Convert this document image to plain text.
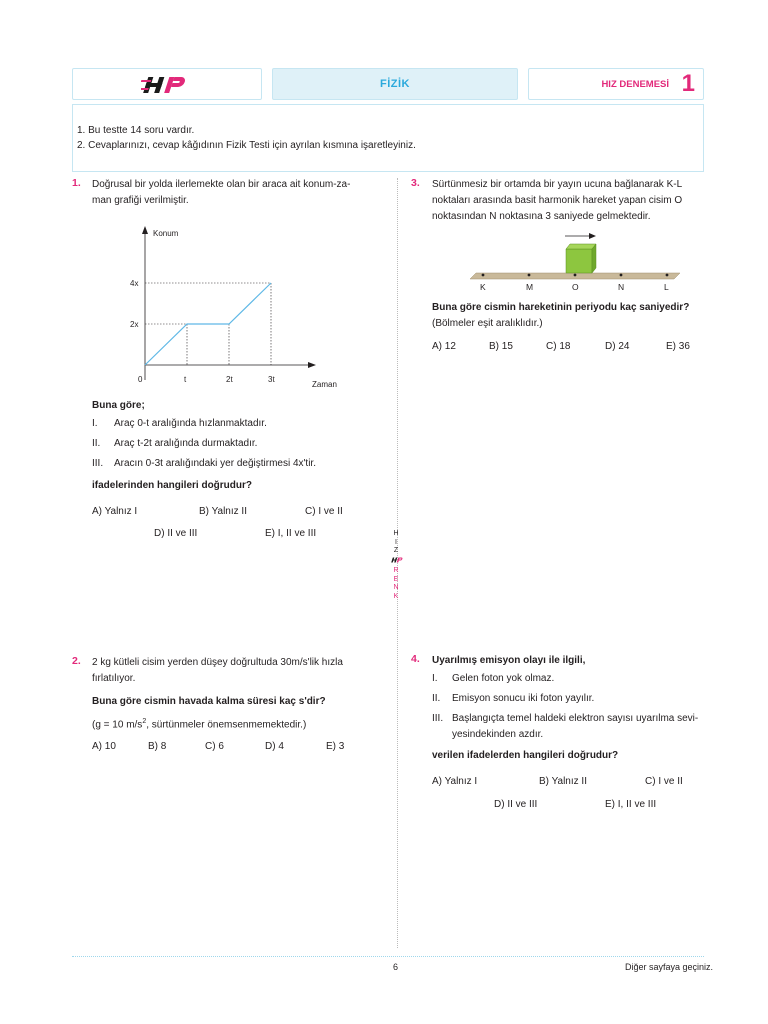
FİZİK	HIZ DENEMESİ 1
1. Bu testte 14 soru vardır.
2. Cevaplarınızı, cevap kâğıdının Fizik Testi için ayrılan kısmına işaretleyiniz.
1. Doğrusal bir yolda ilerlemekte olan bir araca ait konum-za-
man grafiği verilmiştir.
Konum
Zaman
0	t	2t	3t
2x
4x
Buna göre;
I. Araç 0-t aralığında hızlanmaktadır.
II. Araç t-2t aralığında durmaktadır.
III. Aracın 0-3t aralığındaki yer değiştirmesi 4x'tir.
ifadelerinden hangileri doğrudur?
A) Yalnız I	B) Yalnız II	C) I ve II
D) II ve III	E) I, II ve III	H
I
Z
R
E
N
K
2. 2 kg kütleli cisim yerden düşey doğrultuda 30m/s'lik hızla
fırlatılıyor.
Buna göre cismin havada kalma süresi kaç s'dir?
(g = 10 $m/s^2$, sürtünmeler önemsenmemektedir.)
A) 10	B) 8	C) 6	D) 4	E) 3
3. Sürtünmesiz bir ortamda bir yayın ucuna bağlanarak K-L
noktaları arasında basit harmonik hareket yapan cisim O
noktasından N noktasına 3 saniyede gelmektedir.
K	M	O	N	L
Buna göre cismin hareketinin periyodu kaç saniyedir?
(Bölmeler eşit aralıklıdır.)
A) 12	B) 15	C) 18	D) 24	E) 36
4. Uyarılmış emisyon olayı ile ilgili,
I. Gelen foton yok olmaz.
II. Emisyon sonucu iki foton yayılır.
III. Başlangıçta temel haldeki elektron sayısı uyarılma sevi-
yesindekinden azdır.
verilen ifadelerden hangileri doğrudur?
A) Yalnız I	B) Yalnız II	C) I ve II
D) II ve III	E) I, II ve III
6	Diğer sayfaya geçiniz.
